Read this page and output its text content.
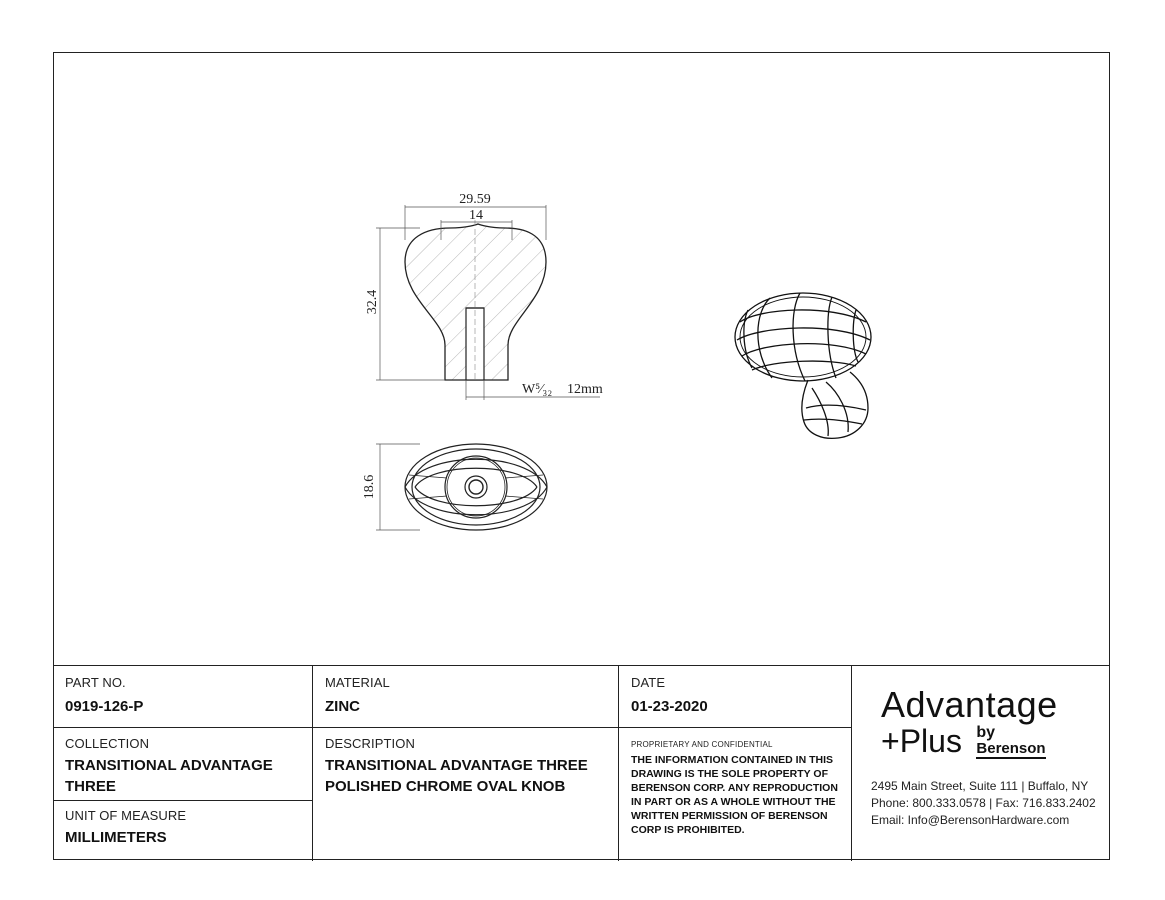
29.59
14
32.4
W⁵⁄₃₂ 12mm
18.6
PART NO.
0919-126-P
MATERIAL
ZINC
DATE
01-23-2020
COLLECTION
TRANSITIONAL ADVANTAGE
THREE
DESCRIPTION
TRANSITIONAL ADVANTAGE THREE
POLISHED CHROME OVAL KNOB
UNIT OF MEASURE
MILLIMETERS
PROPRIETARY AND CONFIDENTIAL
THE INFORMATION CONTAINED IN THIS
DRAWING IS THE SOLE PROPERTY OF
BERENSON CORP. ANY REPRODUCTION
IN PART OR AS A WHOLE WITHOUT THE
WRITTEN PERMISSION OF BERENSON
CORP IS PROHIBITED.
Advantage
+Plus by
Berenson
2495 Main Street, Suite 111 | Buffalo, NY
Phone: 800.333.0578 | Fax: 716.833.2402
Email: Info@BerensonHardware.com
